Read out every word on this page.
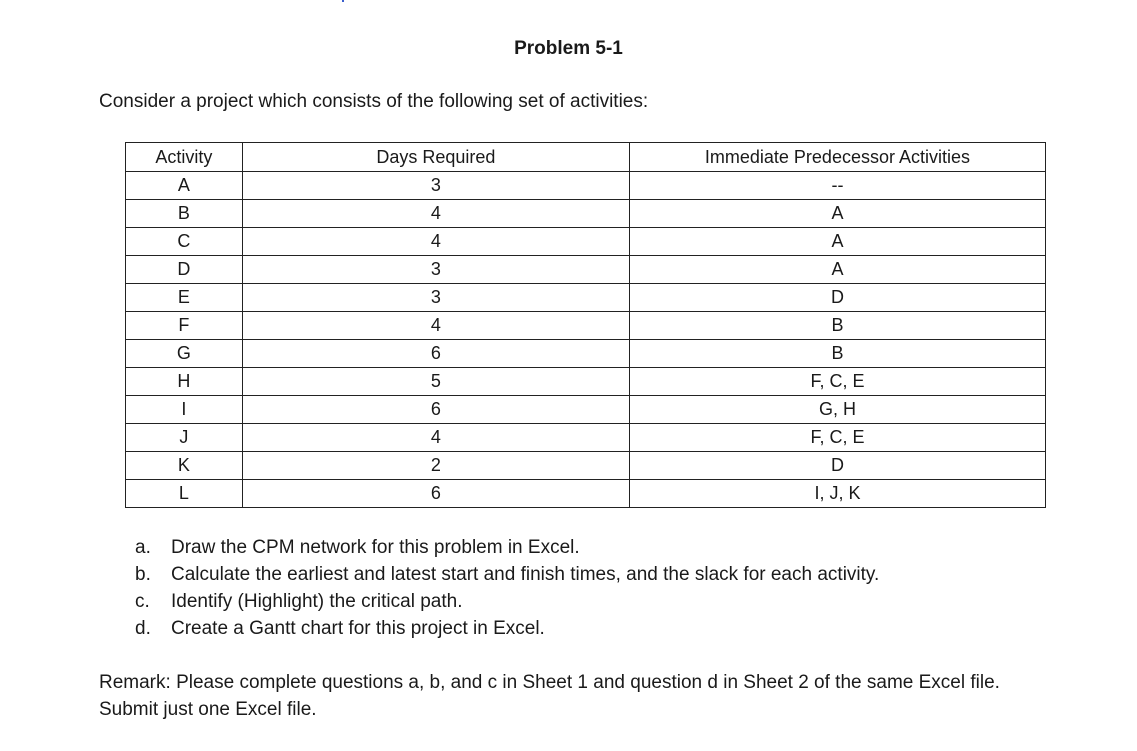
Problem 5-1
Consider a project which consists of the following set of activities:
Activity	Days Required	Immediate Predecessor Activities
A	3	--
B	4	A
C	4	A
D	3	A
E	3	D
F	4	B
G	6	B
H	5	F, C, E
I	6	G, H
J	4	F, C, E
K	2	D
L	6	I, J, K
a. Draw the CPM network for this problem in Excel.
b. Calculate the earliest and latest start and finish times, and the slack for each activity.
c. Identify (Highlight) the critical path.
d. Create a Gantt chart for this project in Excel.
Remark: Please complete questions a, b, and c in Sheet 1 and question d in Sheet 2 of the same Excel file. Submit just one Excel file.
